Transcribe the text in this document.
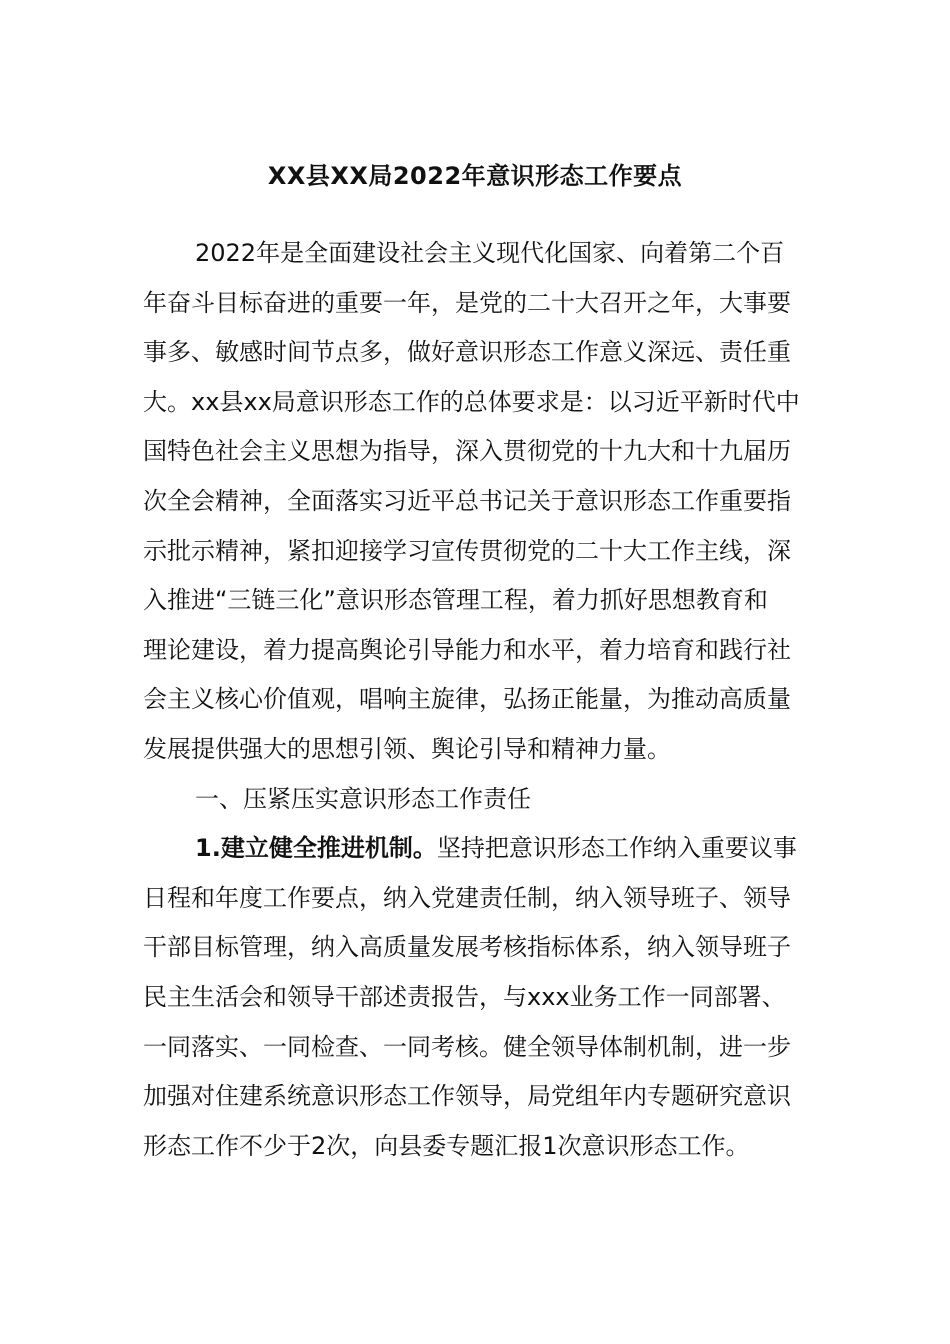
XX县XX局2022年意识形态工作要点
2022年是全面建设社会主义现代化国家、向着第二个百
年奋斗目标奋进的重要一年，是党的二十大召开之年，大事要
事多、敏感时间节点多，做好意识形态工作意义深远、责任重
大。xx县xx局意识形态工作的总体要求是：以习近平新时代中
国特色社会主义思想为指导，深入贯彻党的十九大和十九届历
次全会精神，全面落实习近平总书记关于意识形态工作重要指
示批示精神，紧扣迎接学习宣传贯彻党的二十大工作主线，深
入推进“三链三化”意识形态管理工程，着力抓好思想教育和
理论建设，着力提高舆论引导能力和水平，着力培育和践行社
会主义核心价值观，唱响主旋律，弘扬正能量，为推动高质量
发展提供强大的思想引领、舆论引导和精神力量。
一、压紧压实意识形态工作责任
1.建立健全推进机制。坚持把意识形态工作纳入重要议事
日程和年度工作要点，纳入党建责任制，纳入领导班子、领导
干部目标管理，纳入高质量发展考核指标体系，纳入领导班子
民主生活会和领导干部述责报告，与xxx业务工作一同部署、
一同落实、一同检查、一同考核。健全领导体制机制，进一步
加强对住建系统意识形态工作领导，局党组年内专题研究意识
形态工作不少于2次，向县委专题汇报1次意识形态工作。
